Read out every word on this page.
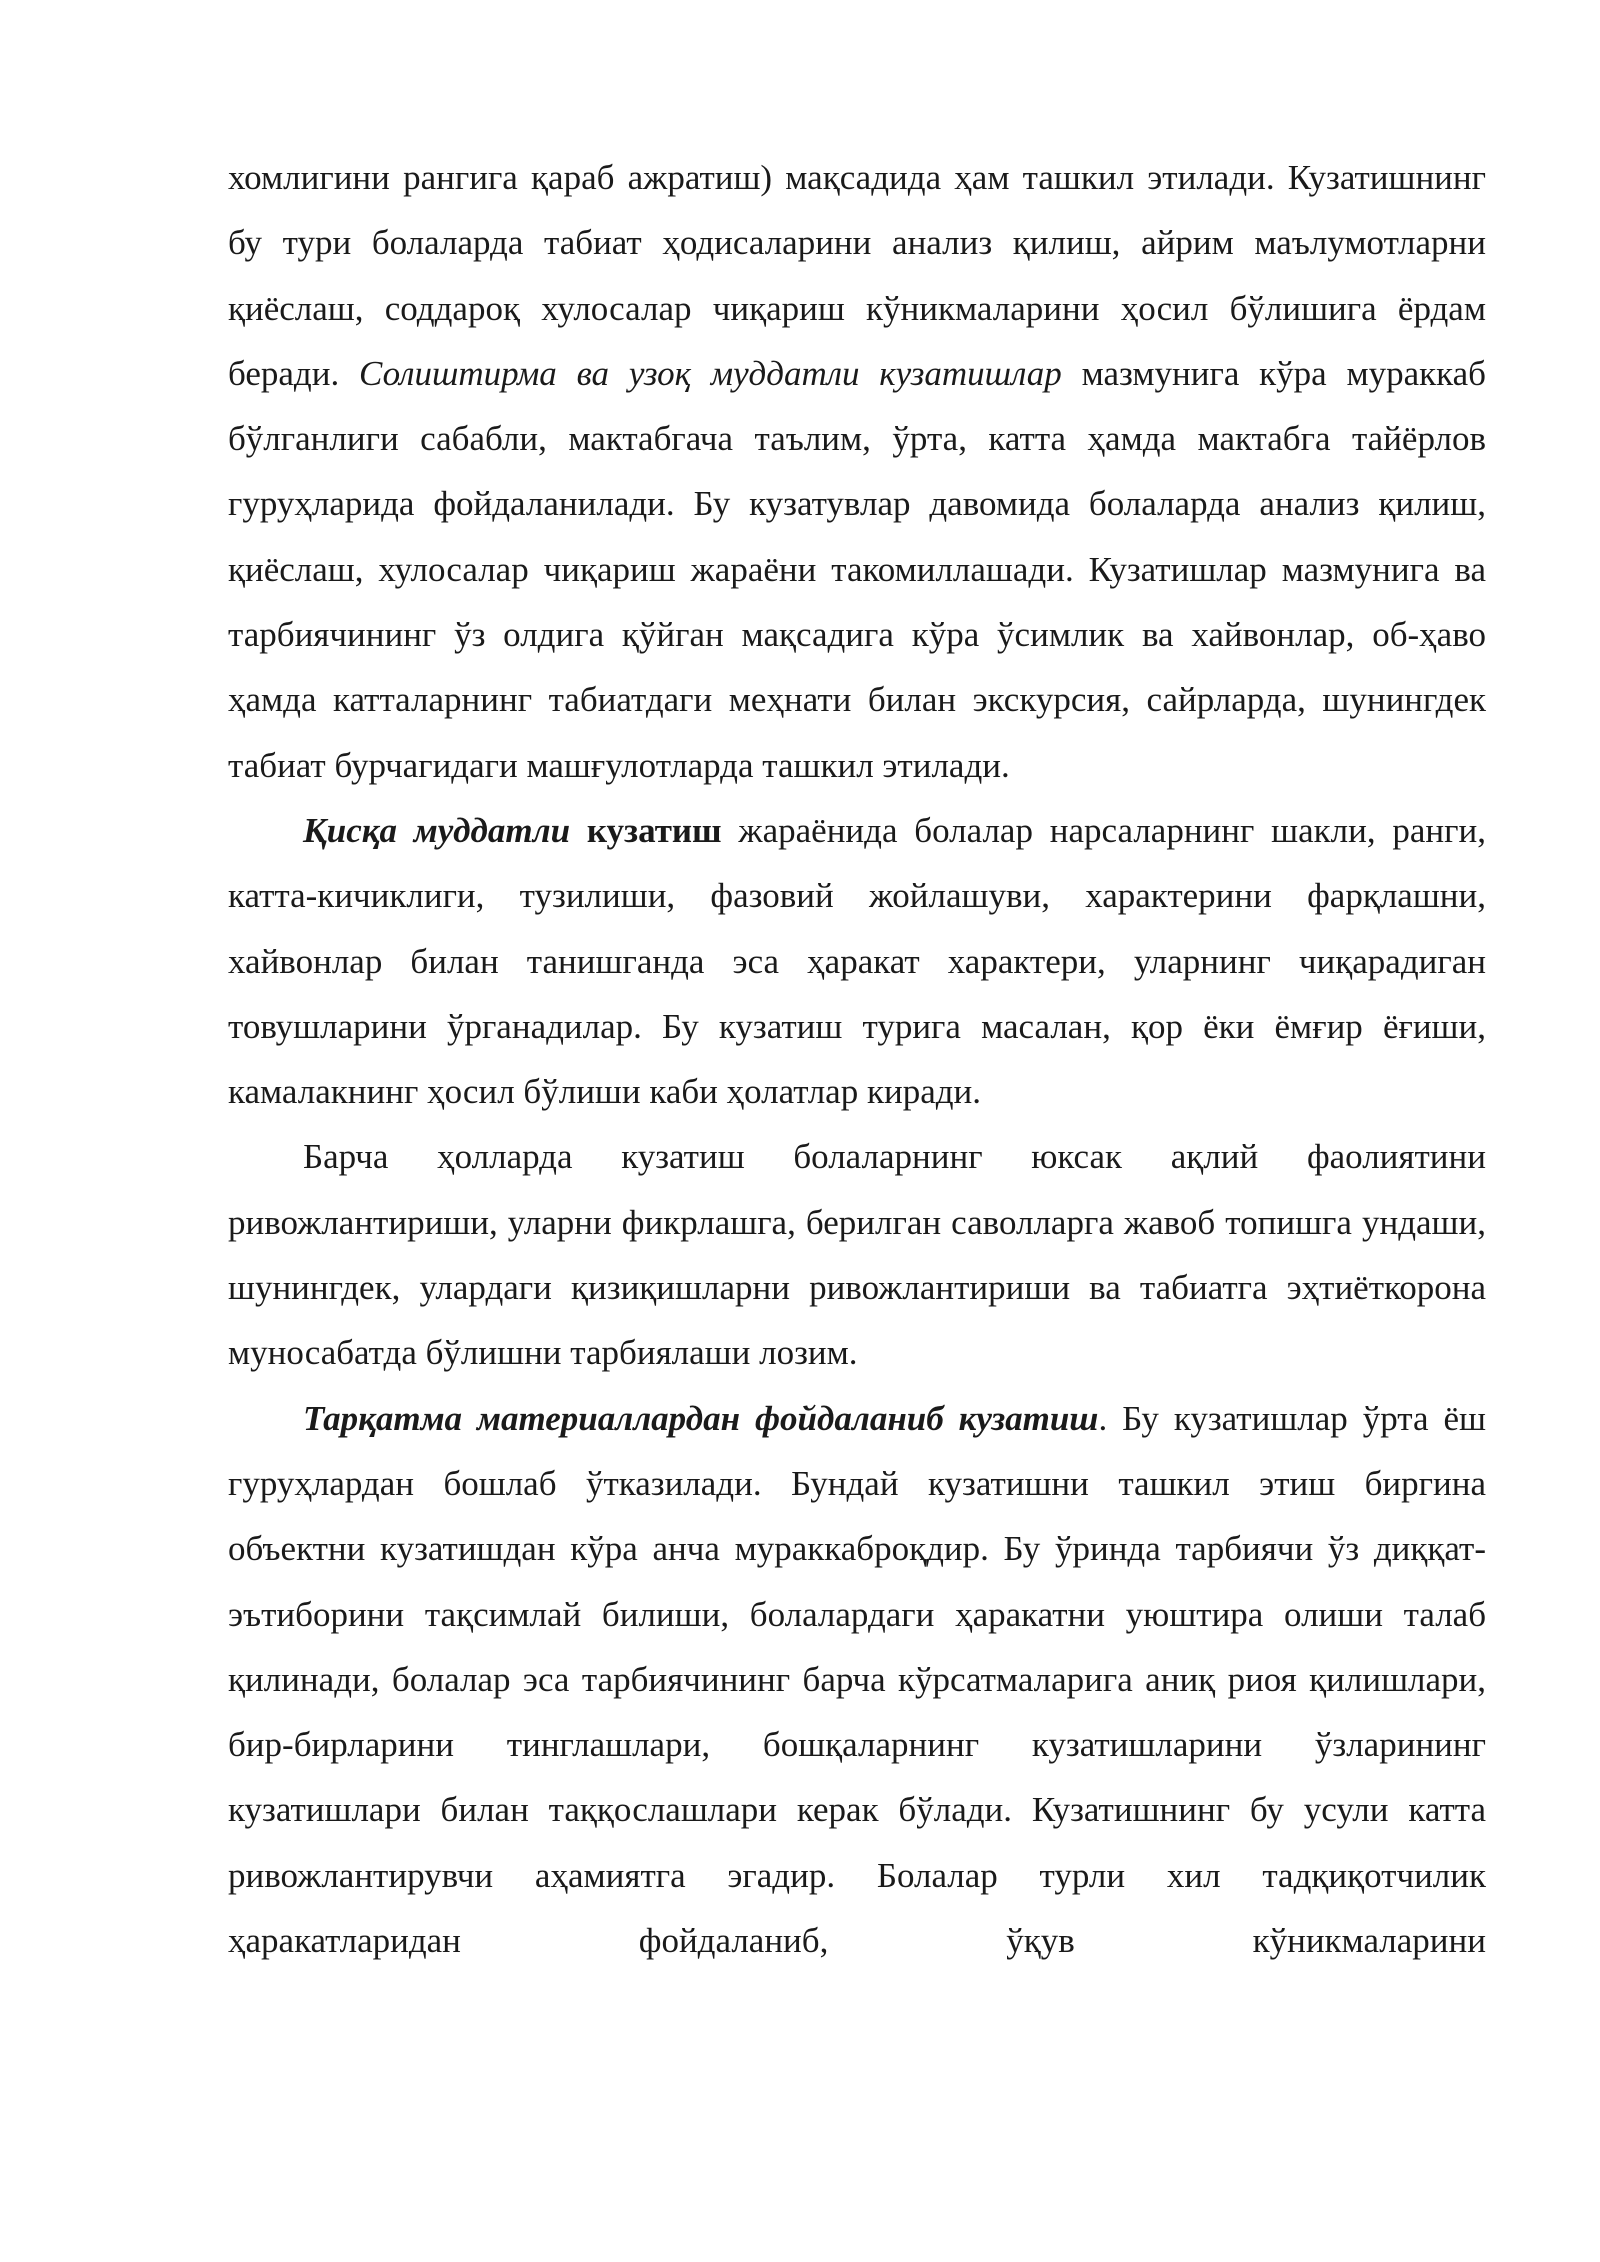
хомлигини рангига қараб ажратиш) мақсадида ҳам ташкил этилади. Кузатишнинг бу тури болаларда табиат ҳодисаларини анализ қилиш, айрим маълумотларни қиёслаш, соддароқ хулосалар чиқариш кўникмаларини ҳосил бўлишига ёрдам беради. Солиштирма ва узоқ муддатли кузатишлар мазмунига кўра мураккаб бўлганлиги сабабли, мактабгача таълим, ўрта, катта ҳамда мактабга тайёрлов гуруҳларида фойдаланилади. Бу кузатувлар давомида болаларда анализ қилиш, қиёслаш, хулосалар чиқариш жараёни такомиллашади. Кузатишлар мазмунига ва тарбиячининг ўз олдига қўйган мақсадига кўра ўсимлик ва хайвонлар, об-ҳаво ҳамда катталарнинг табиатдаги меҳнати билан экскурсия, сайрларда, шунингдек табиат бурчагидаги машғулотларда ташкил этилади.

Қисқа муддатли кузатиш жараёнида болалар нарсаларнинг шакли, ранги, катта-кичиклиги, тузилиши, фазовий жойлашуви, характерини фарқлашни, хайвонлар билан танишганда эса ҳаракат характери, уларнинг чиқарадиган товушларини ўрганадилар. Бу кузатиш турига масалан, қор ёки ёмғир ёғиши, камалакнинг ҳосил бўлиши каби ҳолатлар киради.

Барча ҳолларда кузатиш болаларнинг юксак ақлий фаолиятини ривожлантириши, уларни фикрлашга, берилган саволларга жавоб топишга ундаши, шунингдек, улардаги қизиқишларни ривожлантириши ва табиатга эҳтиёткорона муносабатда бўлишни тарбиялаши лозим.

Тарқатма материаллардан фойдаланиб кузатиш. Бу кузатишлар ўрта ёш гуруҳлардан бошлаб ўтказилади. Бундай кузатишни ташкил этиш биргина объектни кузатишдан кўра анча мураккаброқдир. Бу ўринда тарбиячи ўз диққат-эътиборини тақсимлай билиши, болалардаги ҳаракатни уюштира олиши талаб қилинади, болалар эса тарбиячининг барча кўрсатмаларига аниқ риоя қилишлари, бир-бирларини тинглашлари, бошқаларнинг кузатишларини ўзларининг кузатишлари билан таққослашлари керак бўлади. Кузатишнинг бу усули катта ривожлантирувчи аҳамиятга эгадир. Болалар турли хил тадқиқотчилик ҳаракатларидан фойдаланиб, ўқув кўникмаларини
